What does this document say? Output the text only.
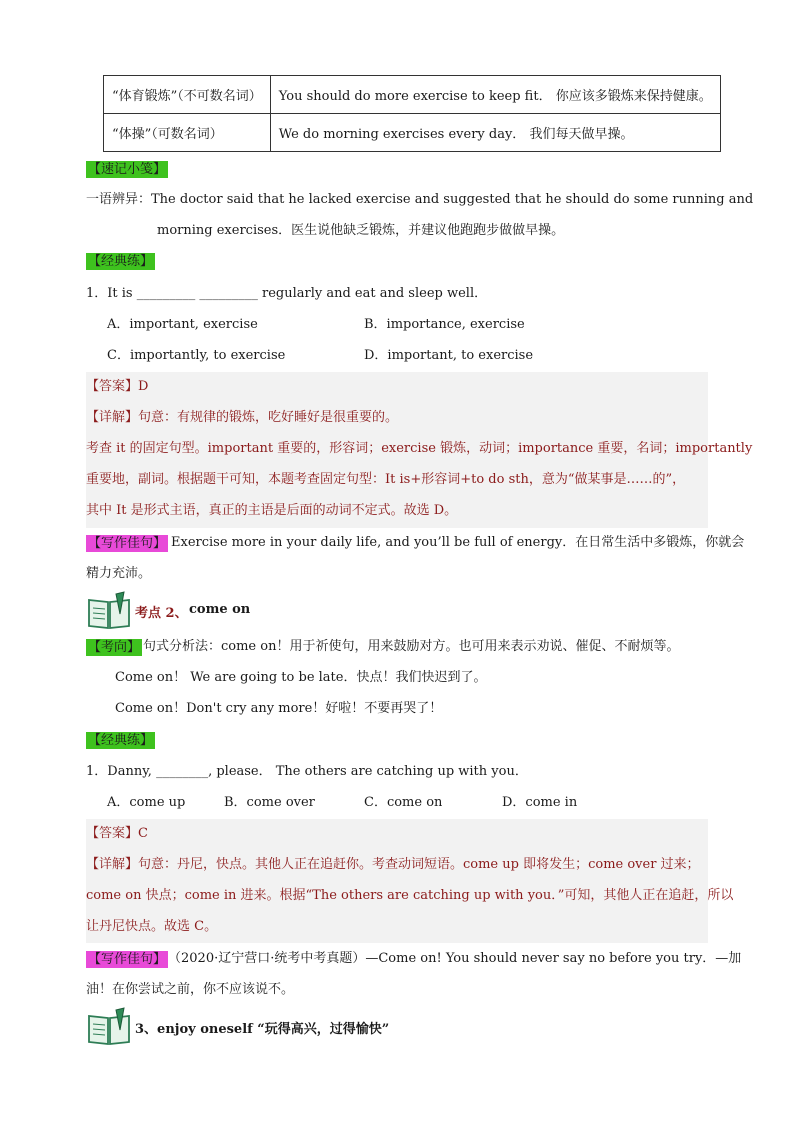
“体育锻炼”（不可数名词）	You should do more exercise to keep fit． 你应该多锻炼来保持健康。
“体操”（可数名词）	We do morning exercises every day． 我们每天做早操。
【速记小笺】
一语辨异：The doctor said that he lacked exercise and suggested that he should do some running and
morning exercises．医生说他缺乏锻炼，并建议他跑跑步做做早操。
【经典练】
1．It is _________ _________ regularly and eat and sleep well．
A．important, exercise	B．importance, exercise
C．importantly, to exercise	D．important, to exercise
【答案】D
【详解】句意：有规律的锻炼，吃好睡好是很重要的。
考查 it 的固定句型。important 重要的，形容词；exercise 锻炼，动词；importance 重要，名词；importantly
重要地，副词。根据题干可知，本题考查固定句型：It is+形容词+to do sth，意为“做某事是……的”，
其中 It 是形式主语，真正的主语是后面的动词不定式。故选 D。
【写作佳句】 Exercise more in your daily life, and you’ll be full of energy．在日常生活中多锻炼，你就会
精力充沛。
考点 2、 come on
【考向】 句式分析法：come on！用于祈使句，用来鼓励对方。也可用来表示劝说、催促、不耐烦等。
Come on！ We are going to be late．快点！我们快迟到了。
Come on！Don't cry any more！好啦！不要再哭了！
【经典练】
1．Danny, ________, please． The others are catching up with you．
A．come up	B．come over	C．come on	D．come in
【答案】C
【详解】句意：丹尼，快点。其他人正在追赶你。考查动词短语。come up 即将发生；come over 过来；
come on 快点；come in 进来。根据“The others are catching up with you．”可知，其他人正在追赶，所以
让丹尼快点。故选 C。
【写作佳句】 （2020·辽宁营口·统考中考真题）—Come on! You should never say no before you try．—加
油！在你尝试之前，你不应该说不。
3、enjoy oneself “玩得高兴，过得愉快”
